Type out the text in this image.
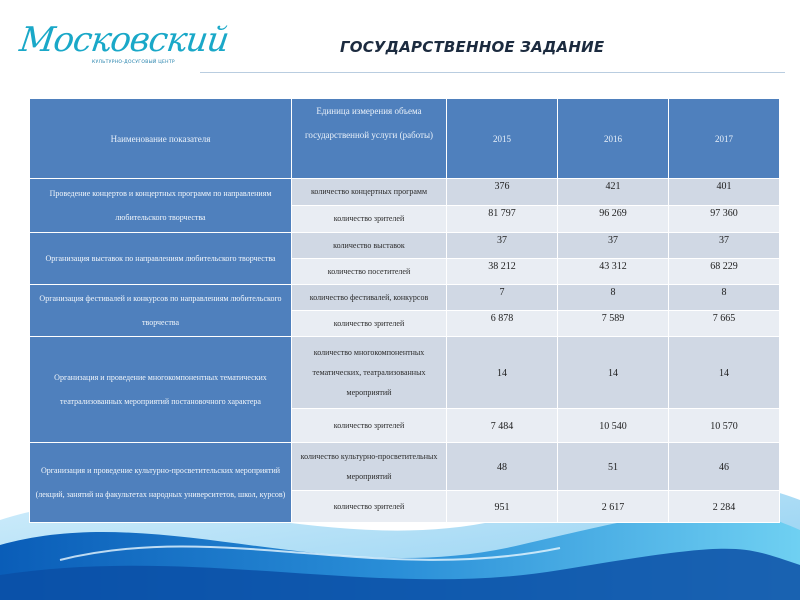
Московский
КУЛЬТУРНО-ДОСУГОВЫЙ ЦЕНТР
ГОСУДАРСТВЕННОЕ ЗАДАНИЕ
Наименование показателя	Единица измерения объема государственной услуги (работы)	2015	2016	2017
Проведение концертов и концертных программ по направлениям любительского творчества	количество концертных программ	376	421	401
	количество зрителей	81 797	96 269	97 360
Организация выставок по направлениям любительского творчества	количество выставок	37	37	37
	количество посетителей	38 212	43 312	68 229
Организация фестивалей и конкурсов по направлениям любительского творчества	количество фестивалей, конкурсов	7	8	8
	количество зрителей	6 878	7 589	7 665
Организация и проведение многокомпонентных тематических театрализованных мероприятий постановочного характера	количество многокомпонентных тематических, театрализованных мероприятий	14	14	14
	количество зрителей	7 484	10 540	10 570
Организация и проведение культурно-просветительских мероприятий (лекций, занятий на факультетах народных университетов, школ, курсов)	количество культурно-просветительных мероприятий	48	51	46
	количество зрителей	951	2 617	2 284
